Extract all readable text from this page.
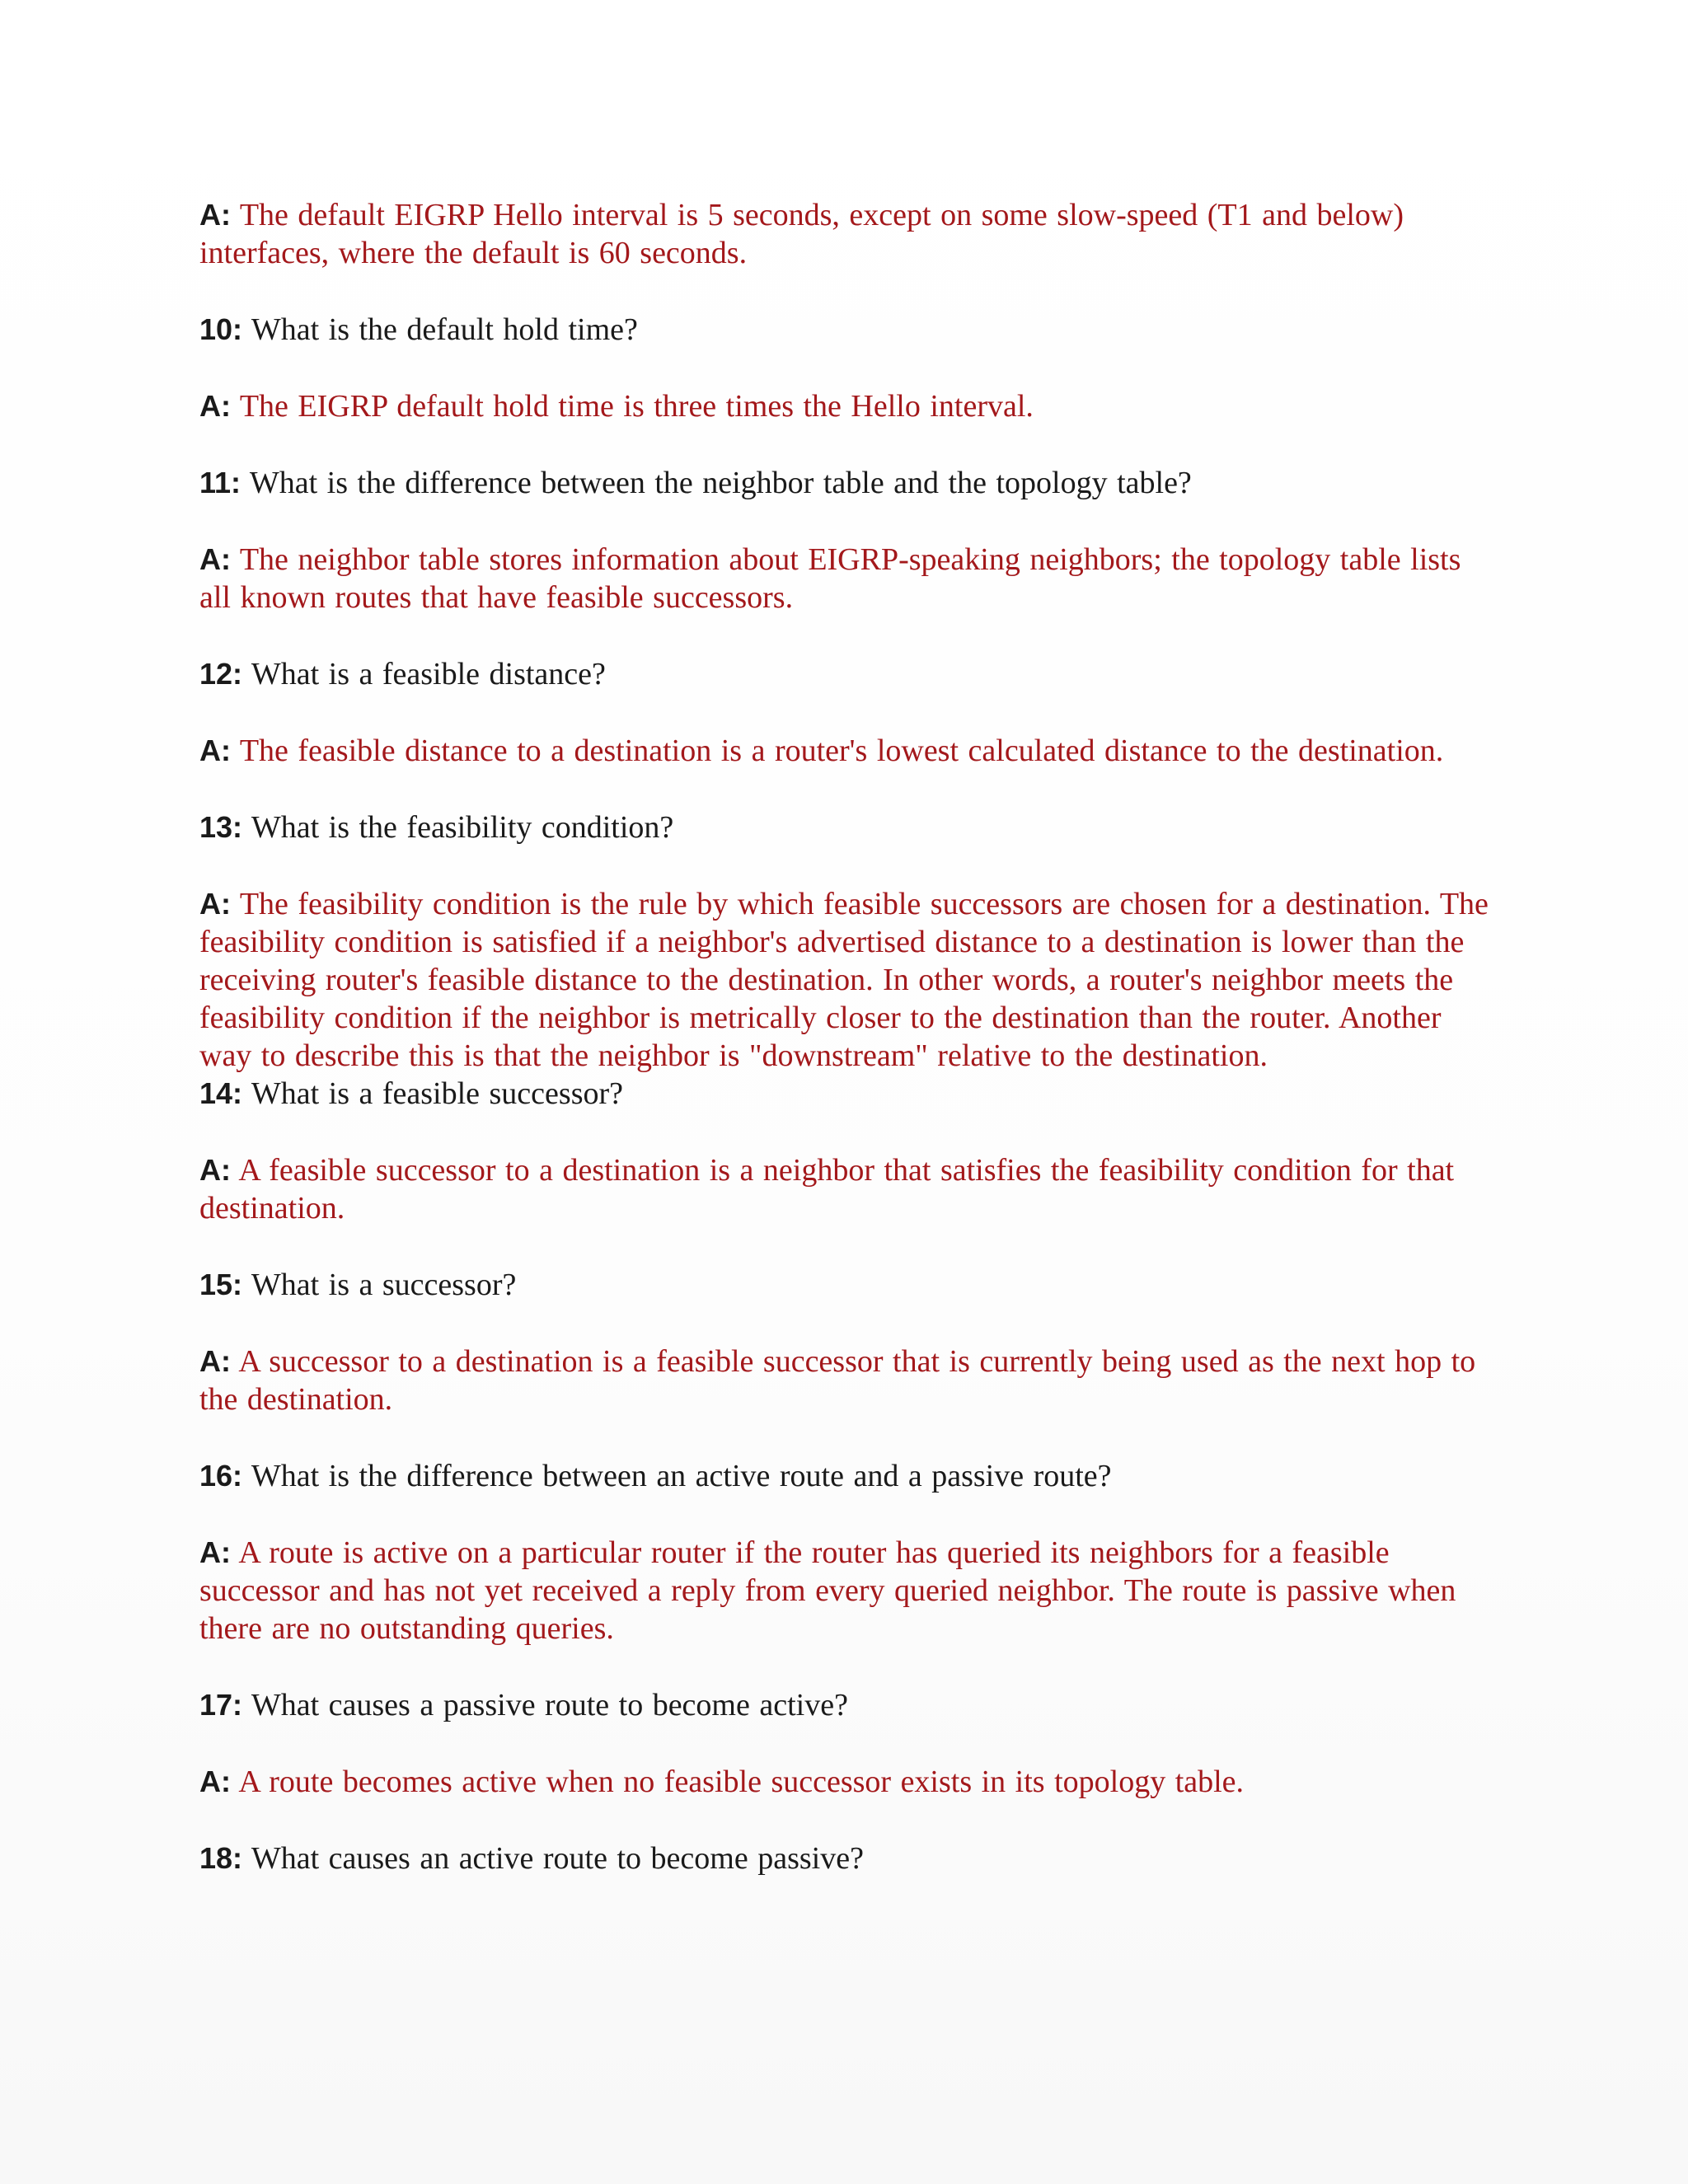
A: The default EIGRP Hello interval is 5 seconds, except on some slow-speed (T1 and below) interfaces, where the default is 60 seconds.

10: What is the default hold time?

A: The EIGRP default hold time is three times the Hello interval.

11: What is the difference between the neighbor table and the topology table?

A: The neighbor table stores information about EIGRP-speaking neighbors; the topology table lists all known routes that have feasible successors.

12: What is a feasible distance?

A: The feasible distance to a destination is a router's lowest calculated distance to the destination.

13: What is the feasibility condition?

A: The feasibility condition is the rule by which feasible successors are chosen for a destination. The feasibility condition is satisfied if a neighbor's advertised distance to a destination is lower than the receiving router's feasible distance to the destination. In other words, a router's neighbor meets the feasibility condition if the neighbor is metrically closer to the destination than the router. Another way to describe this is that the neighbor is "downstream" relative to the destination.

14: What is a feasible successor?

A: A feasible successor to a destination is a neighbor that satisfies the feasibility condition for that destination.

15: What is a successor?

A: A successor to a destination is a feasible successor that is currently being used as the next hop to the destination.

16: What is the difference between an active route and a passive route?

A: A route is active on a particular router if the router has queried its neighbors for a feasible successor and has not yet received a reply from every queried neighbor. The route is passive when there are no outstanding queries.

17: What causes a passive route to become active?

A: A route becomes active when no feasible successor exists in its topology table.

18: What causes an active route to become passive?
